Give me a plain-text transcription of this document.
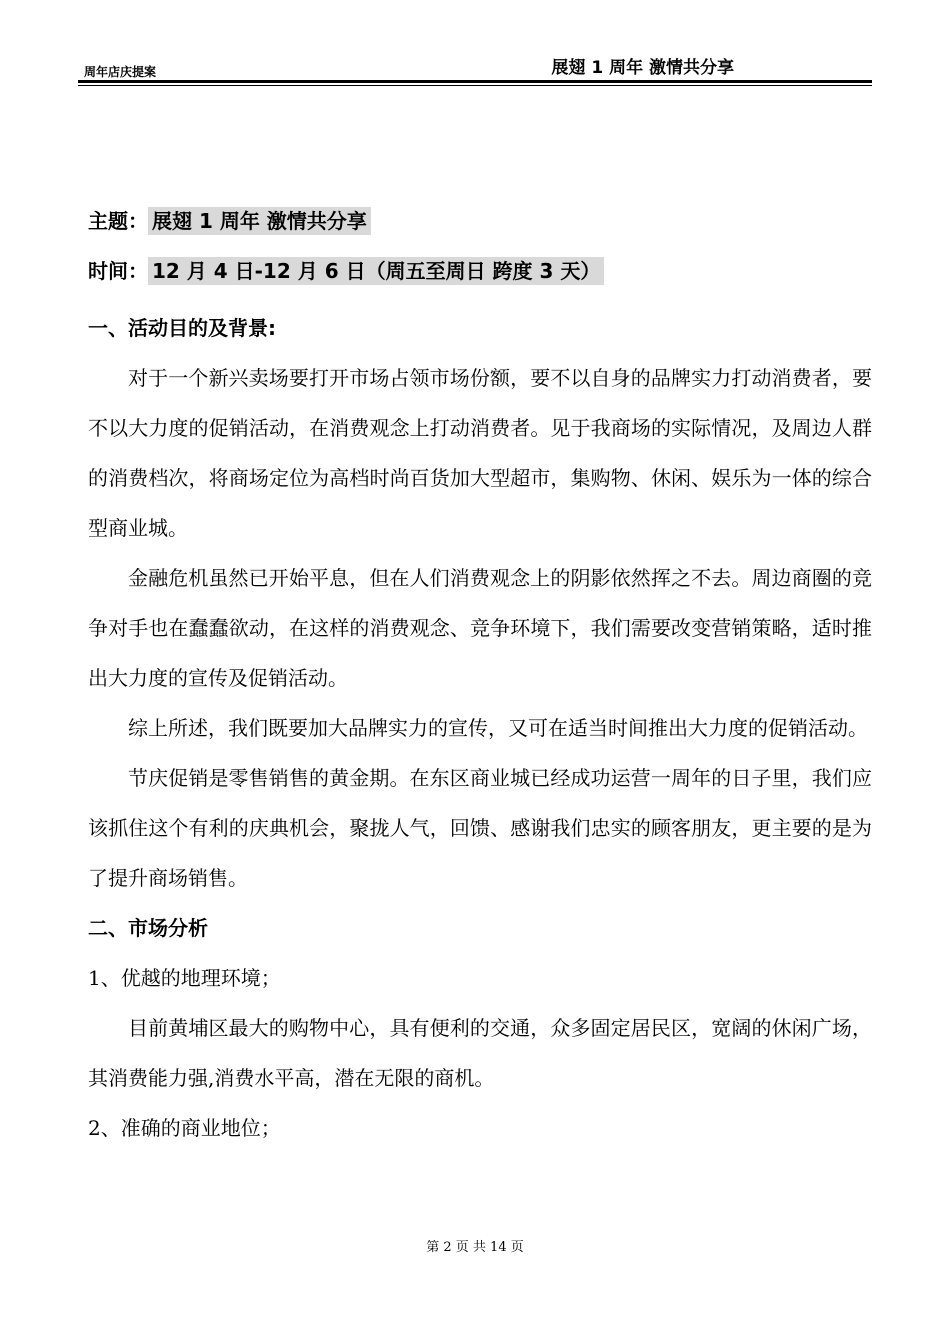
周年店庆提案	展翅 1 周年 激情共分享
主题： 展翅 1 周年 激情共分享
时间： 12 月 4 日-12 月 6 日（周五至周日 跨度 3 天）

一、活动目的及背景:

对于一个新兴卖场要打开市场占领市场份额，要不以自身的品牌实力打动消费者，要不以大力度的促销活动，在消费观念上打动消费者。见于我商场的实际情况，及周边人群的消费档次，将商场定位为高档时尚百货加大型超市，集购物、休闲、娱乐为一体的综合型商业城。

金融危机虽然已开始平息，但在人们消费观念上的阴影依然挥之不去。周边商圈的竞争对手也在蠢蠢欲动，在这样的消费观念、竞争环境下，我们需要改变营销策略，适时推出大力度的宣传及促销活动。

综上所述，我们既要加大品牌实力的宣传，又可在适当时间推出大力度的促销活动。

节庆促销是零售销售的黄金期。在东区商业城已经成功运营一周年的日子里，我们应该抓住这个有利的庆典机会，聚拢人气，回馈、感谢我们忠实的顾客朋友，更主要的是为了提升商场销售。

二、市场分析

1、优越的地理环境；

目前黄埔区最大的购物中心，具有便利的交通，众多固定居民区，宽阔的休闲广场，其消费能力强,消费水平高，潜在无限的商机。

2、准确的商业地位；

第 2 页 共 14 页
